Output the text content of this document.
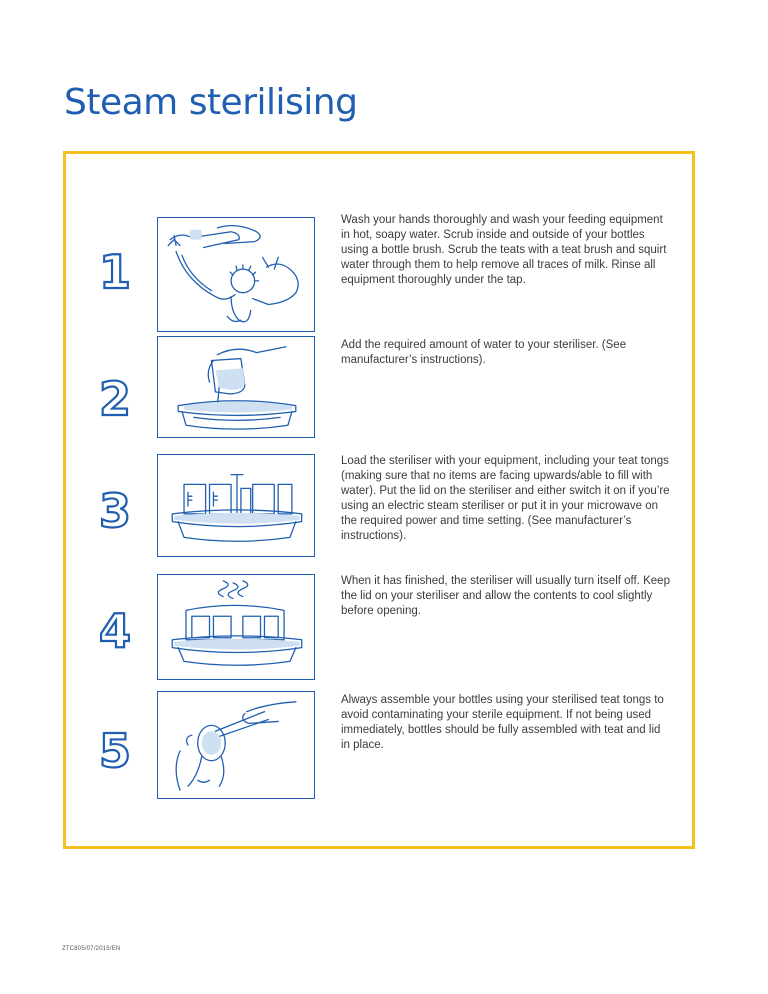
Steam sterilising
1

Wash your hands thoroughly and wash your feeding equipment in hot, soapy water. Scrub inside and outside of your bottles using a bottle brush. Scrub the teats with a teat brush and squirt water through them to help remove all traces of milk. Rinse all equipment thoroughly under the tap.

2

Add the required amount of water to your steriliser. (See manufacturer’s instructions).

3

Load the steriliser with your equipment, including your teat tongs (making sure that no items are facing upwards/able to fill with water). Put the lid on the steriliser and either switch it on if you’re using an electric steam steriliser or put it in your microwave on the required power and time setting. (See manufacturer’s instructions).

4

When it has finished, the steriliser will usually turn itself off. Keep the lid on your steriliser and allow the contents to cool slightly before opening.

5

Always assemble your bottles using your sterilised teat tongs to avoid contaminating your sterile equipment. If not being used immediately, bottles should be fully assembled with teat and lid in place.

ZTC805/07/2015/EN
